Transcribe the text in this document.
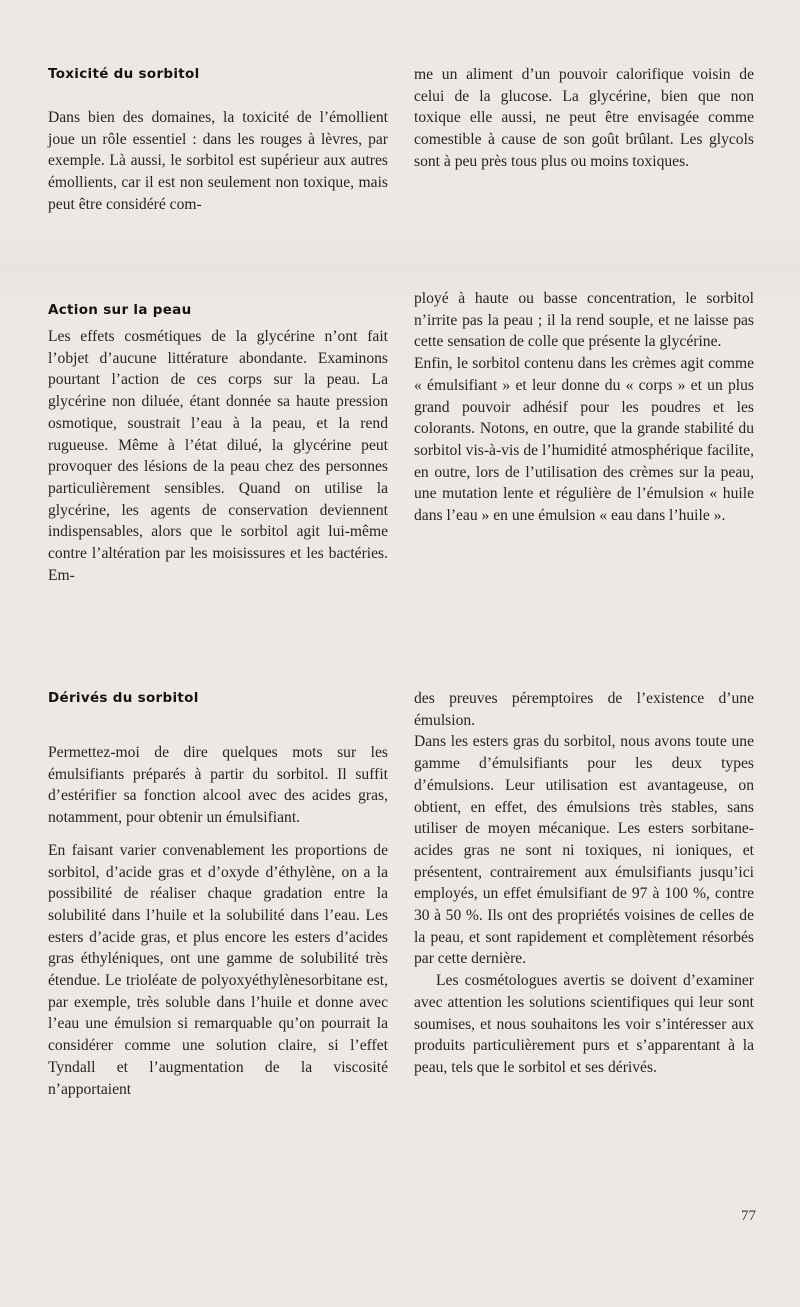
Toxicité du sorbitol

Dans bien des domaines, la toxicité de l’émollient joue un rôle essentiel : dans les rouges à lèvres, par exemple. Là aussi, le sorbitol est supérieur aux autres émollients, car il est non seulement non toxique, mais peut être considéré com-

me un aliment d’un pouvoir calorifique voisin de celui de la glucose. La glycérine, bien que non toxique elle aussi, ne peut être envisagée comme comestible à cause de son goût brûlant. Les glycols sont à peu près tous plus ou moins toxiques.

Action sur la peau

Les effets cosmétiques de la glycérine n’ont fait l’objet d’aucune littérature abondante. Examinons pourtant l’action de ces corps sur la peau. La glycérine non diluée, étant donnée sa haute pression osmotique, soustrait l’eau à la peau, et la rend rugueuse. Même à l’état dilué, la glycérine peut provoquer des lésions de la peau chez des personnes particulièrement sensibles. Quand on utilise la glycérine, les agents de conservation deviennent indispensables, alors que le sorbitol agit lui-même contre l’altération par les moisissures et les bactéries. Em-

ployé à haute ou basse concentration, le sorbitol n’irrite pas la peau ; il la rend souple, et ne laisse pas cette sensation de colle que présente la glycérine.

Enfin, le sorbitol contenu dans les crèmes agit comme « émulsifiant » et leur donne du « corps » et un plus grand pouvoir adhésif pour les poudres et les colorants. Notons, en outre, que la grande stabilité du sorbitol vis-à-vis de l’humidité atmosphérique facilite, en outre, lors de l’utilisation des crèmes sur la peau, une mutation lente et régulière de l’émulsion « huile dans l’eau » en une émulsion « eau dans l’huile ».

Dérivés du sorbitol

Permettez-moi de dire quelques mots sur les émulsifiants préparés à partir du sorbitol. Il suffit d’estérifier sa fonction alcool avec des acides gras, notamment, pour obtenir un émulsifiant.

En faisant varier convenablement les proportions de sorbitol, d’acide gras et d’oxyde d’éthylène, on a la possibilité de réaliser chaque gradation entre la solubilité dans l’huile et la solubilité dans l’eau. Les esters d’acide gras, et plus encore les esters d’acides gras éthyléniques, ont une gamme de solubilité très étendue. Le trioléate de polyoxyéthylènesorbitane est, par exemple, très soluble dans l’huile et donne avec l’eau une émulsion si remarquable qu’on pourrait la considérer comme une solution claire, si l’effet Tyndall et l’augmentation de la viscosité n’apportaient

des preuves péremptoires de l’existence d’une émulsion.

Dans les esters gras du sorbitol, nous avons toute une gamme d’émulsifiants pour les deux types d’émulsions. Leur utilisation est avantageuse, on obtient, en effet, des émulsions très stables, sans utiliser de moyen mécanique. Les esters sorbitane-acides gras ne sont ni toxiques, ni ioniques, et présentent, contrairement aux émulsifiants jusqu’ici employés, un effet émulsifiant de 97 à 100 %, contre 30 à 50 %. Ils ont des propriétés voisines de celles de la peau, et sont rapidement et complètement résorbés par cette dernière.

Les cosmétologues avertis se doivent d’examiner avec attention les solutions scientifiques qui leur sont soumises, et nous souhaitons les voir s’intéresser aux produits particulièrement purs et s’apparentant à la peau, tels que le sorbitol et ses dérivés.

77
